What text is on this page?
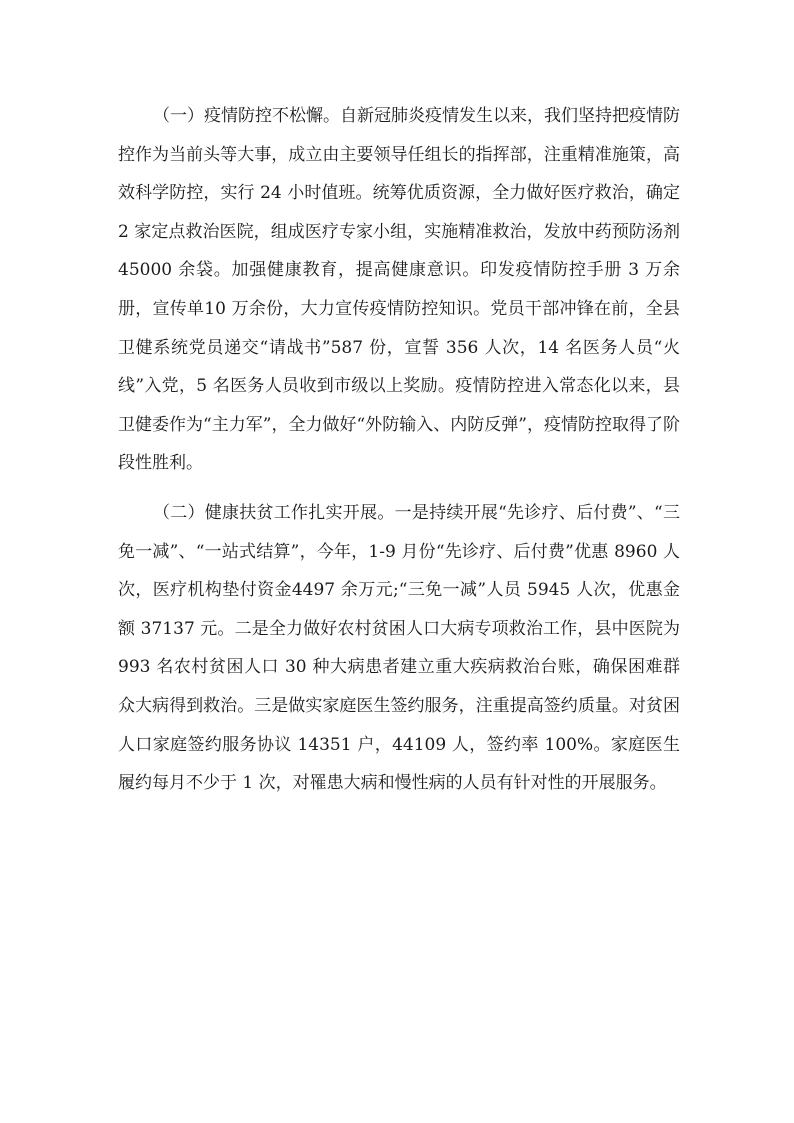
（一）疫情防控不松懈。自新冠肺炎疫情发生以来，我们坚持把疫情防控作为当前头等大事，成立由主要领导任组长的指挥部，注重精准施策，高效科学防控，实行 24 小时值班。统筹优质资源，全力做好医疗救治，确定 2 家定点救治医院，组成医疗专家小组，实施精准救治，发放中药预防汤剂 45000 余袋。加强健康教育，提高健康意识。印发疫情防控手册 3 万余册，宣传单10 万余份，大力宣传疫情防控知识。党员干部冲锋在前，全县卫健系统党员递交“请战书”587 份，宣誓 356 人次，14 名医务人员“火线”入党，5 名医务人员收到市级以上奖励。疫情防控进入常态化以来，县卫健委作为“主力军”，全力做好“外防输入、内防反弹”，疫情防控取得了阶段性胜利。

（二）健康扶贫工作扎实开展。一是持续开展“先诊疗、后付费”、“三免一减”、“一站式结算”，今年，1-9 月份“先诊疗、后付费”优惠 8960 人次，医疗机构垫付资金4497 余万元;“三免一减”人员 5945 人次，优惠金额 37137 元。二是全力做好农村贫困人口大病专项救治工作，县中医院为 993 名农村贫困人口 30 种大病患者建立重大疾病救治台账，确保困难群众大病得到救治。三是做实家庭医生签约服务，注重提高签约质量。对贫困人口家庭签约服务协议 14351 户，44109 人，签约率 100%。家庭医生履约每月不少于 1 次，对罹患大病和慢性病的人员有针对性的开展服务。
